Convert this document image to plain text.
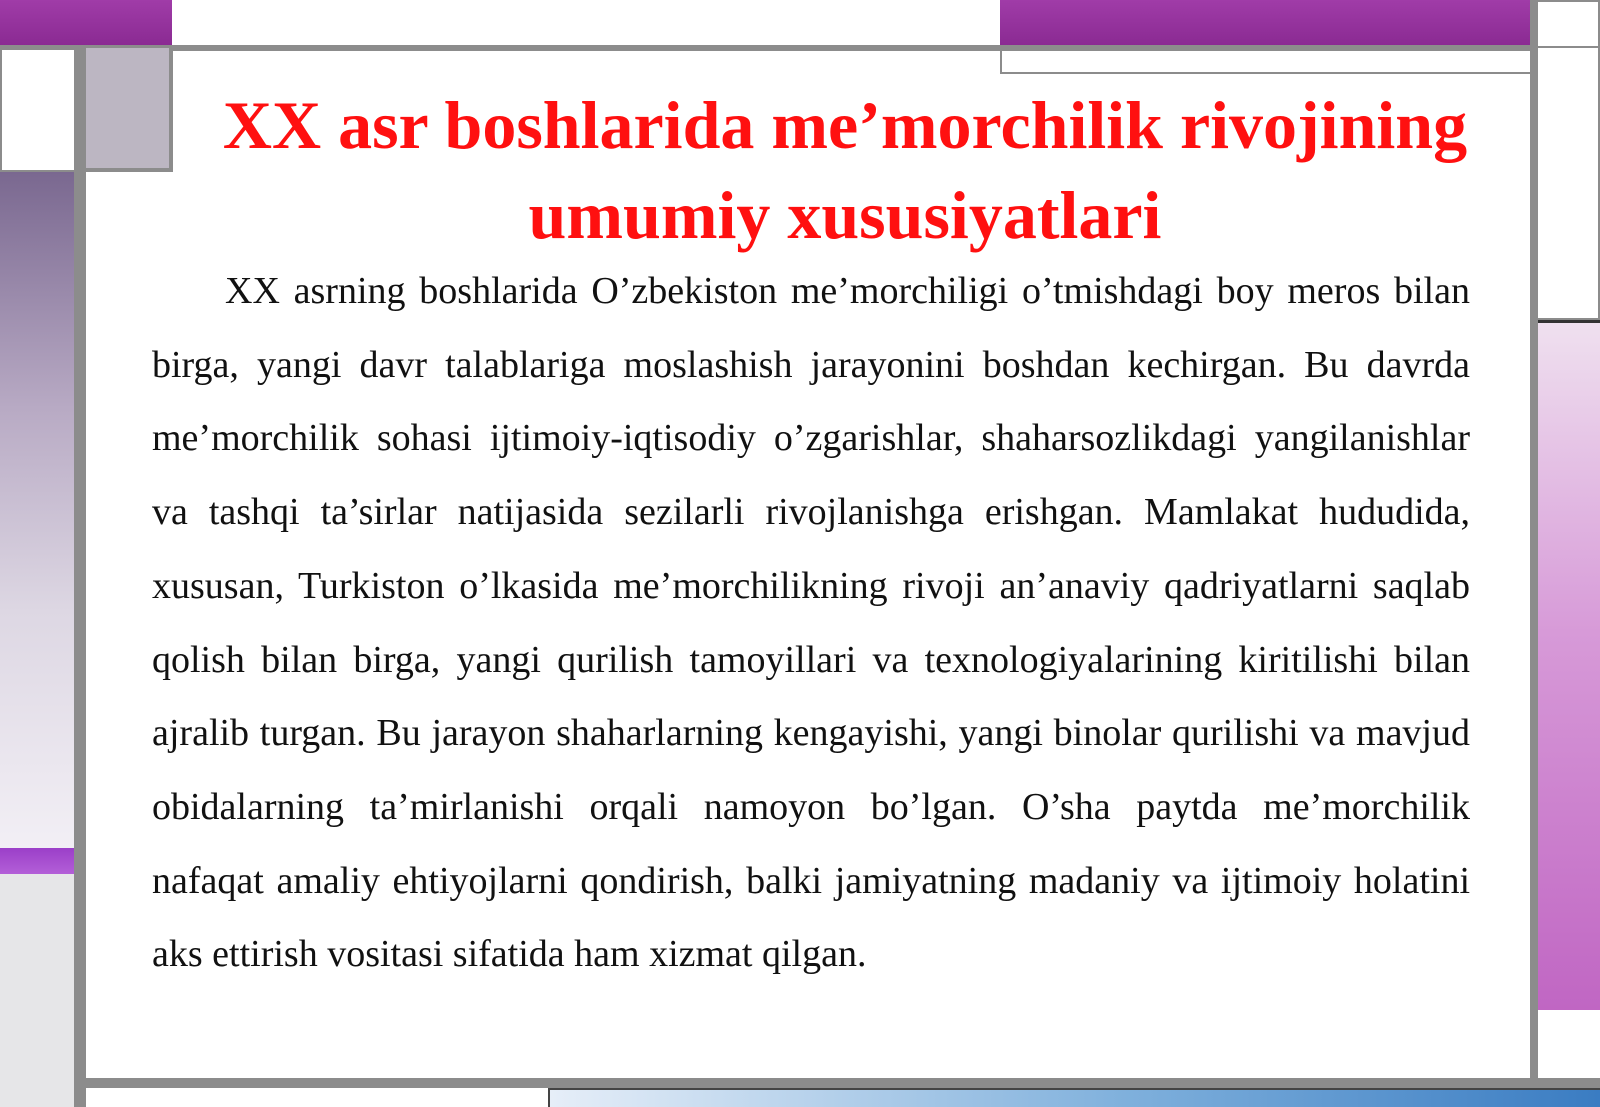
XX asr boshlarida me’morchilik rivojining umumiy xususiyatlari

XX asrning boshlarida O’zbekiston me’morchiligi o’tmishdagi boy meros bilan birga, yangi davr talablariga moslashish jarayonini boshdan kechirgan. Bu davrda me’morchilik sohasi ijtimoiy-iqtisodiy o’zgarishlar, shaharsozlikdagi yangilanishlar va tashqi ta’sirlar natijasida sezilarli rivojlanishga erishgan. Mamlakat hududida, xususan, Turkiston o’lkasida me’morchilikning rivoji an’anaviy qadriyatlarni saqlab qolish bilan birga, yangi qurilish tamoyillari va texnologiyalarining kiritilishi bilan ajralib turgan. Bu jarayon shaharlarning kengayishi, yangi binolar qurilishi va mavjud obidalarning ta’mirlanishi orqali namoyon bo’lgan. O’sha paytda me’morchilik nafaqat amaliy ehtiyojlarni qondirish, balki jamiyatning madaniy va ijtimoiy holatini aks ettirish vositasi sifatida ham xizmat qilgan.
